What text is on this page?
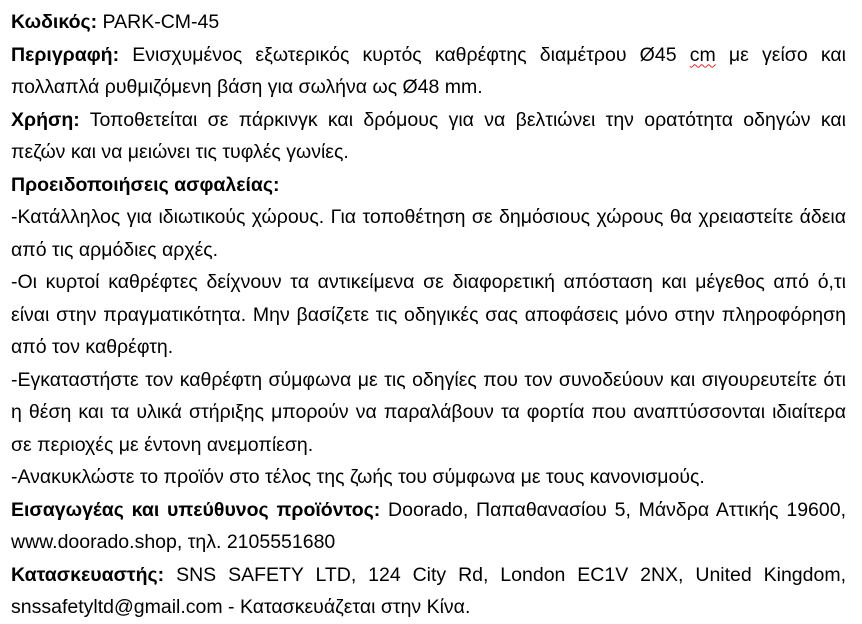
Κωδικός: PARK-CM-45

Περιγραφή: Ενισχυμένος εξωτερικός κυρτός καθρέφτης διαμέτρου Ø45 cm με γείσο και πολλαπλά ρυθμιζόμενη βάση για σωλήνα ως Ø48 mm.

Χρήση: Τοποθετείται σε πάρκινγκ και δρόμους για να βελτιώνει την ορατότητα οδηγών και πεζών και να μειώνει τις τυφλές γωνίες.

Προειδοποιήσεις ασφαλείας:

-Κατάλληλος για ιδιωτικούς χώρους. Για τοποθέτηση σε δημόσιους χώρους θα χρειαστείτε άδεια από τις αρμόδιες αρχές.

-Οι κυρτοί καθρέφτες δείχνουν τα αντικείμενα σε διαφορετική απόσταση και μέγεθος από ό,τι είναι στην πραγματικότητα. Μην βασίζετε τις οδηγικές σας αποφάσεις μόνο στην πληροφόρηση από τον καθρέφτη.

-Εγκαταστήστε τον καθρέφτη σύμφωνα με τις οδηγίες που τον συνοδεύουν και σιγουρευτείτε ότι η θέση και τα υλικά στήριξης μπορούν να παραλάβουν τα φορτία που αναπτύσσονται ιδιαίτερα σε περιοχές με έντονη ανεμοπίεση.

-Ανακυκλώστε το προϊόν στο τέλος της ζωής του σύμφωνα με τους κανονισμούς.

Εισαγωγέας και υπεύθυνος προϊόντος: Doorado, Παπαθανασίου 5, Μάνδρα Αττικής 19600, www.doorado.shop, τηλ. 2105551680

Κατασκευαστής: SNS SAFETY LTD, 124 City Rd, London EC1V 2NX, United Kingdom, snssafetyltd@gmail.com - Κατασκευάζεται στην Κίνα.
